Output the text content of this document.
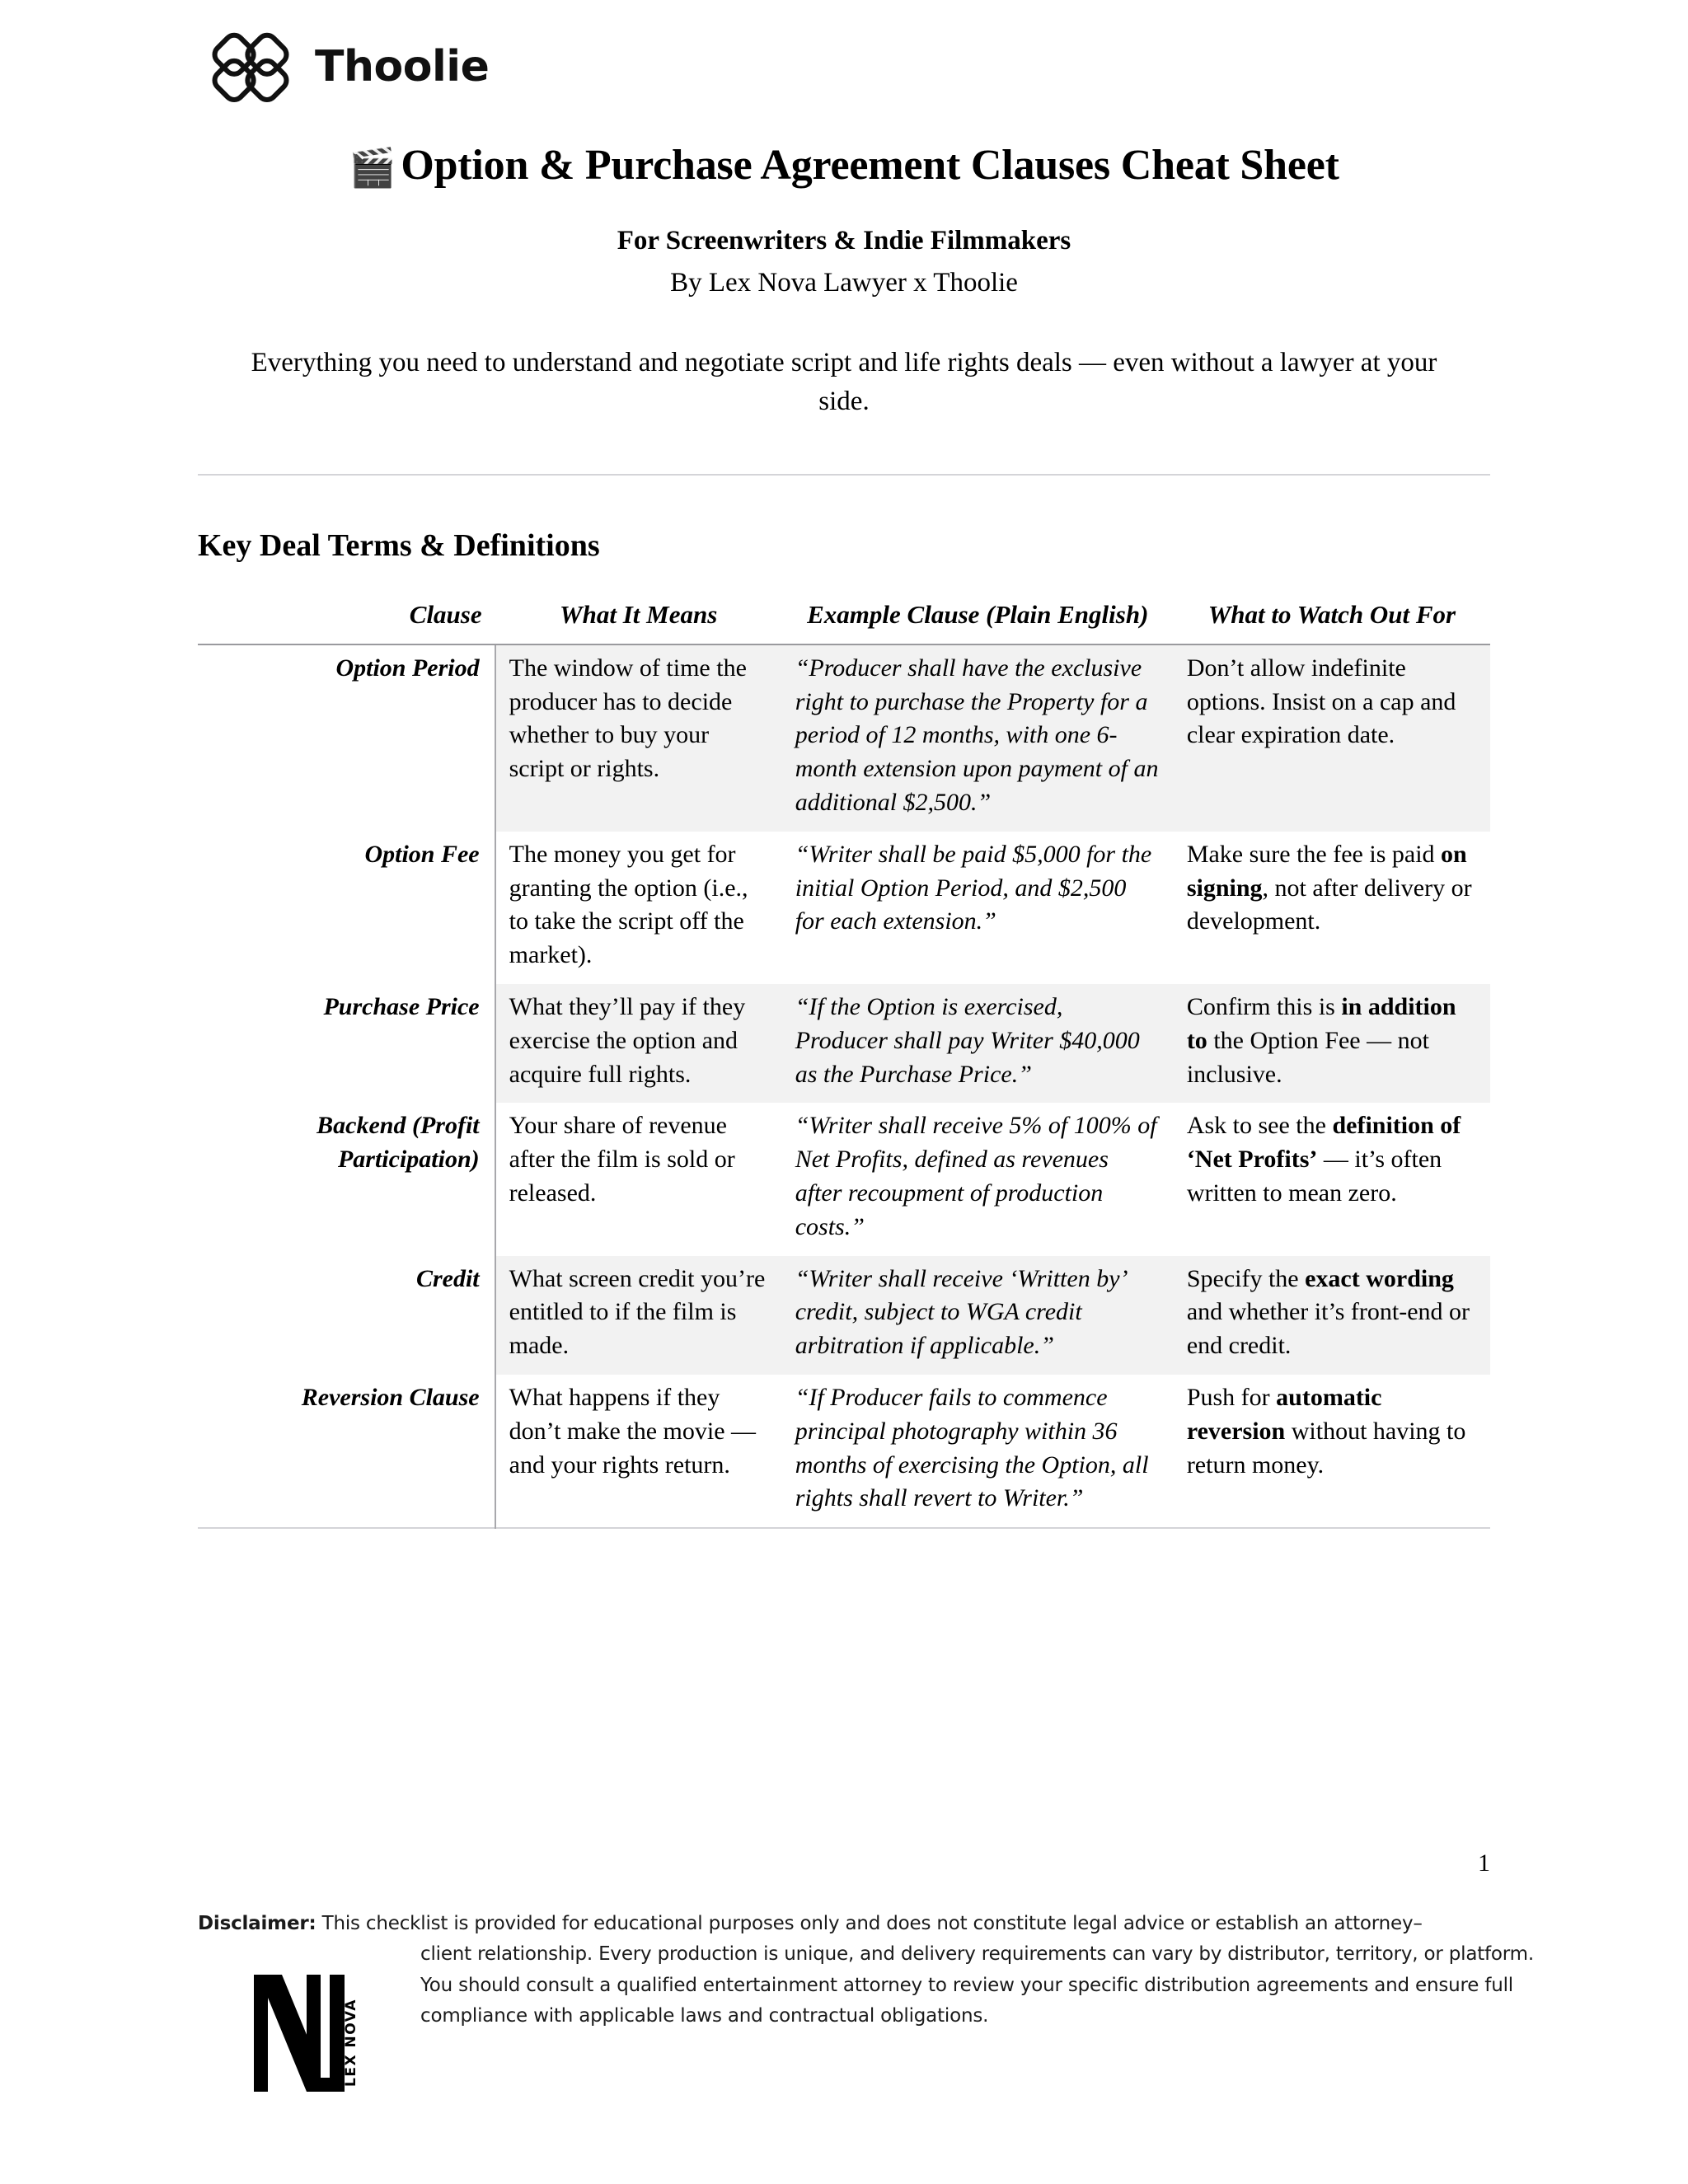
Thoolie
🎬 Option & Purchase Agreement Clauses Cheat Sheet
For Screenwriters & Indie Filmmakers
By Lex Nova Lawyer x Thoolie
Everything you need to understand and negotiate script and life rights deals — even without a lawyer at your side.
Key Deal Terms & Definitions
Clause	What It Means	Example Clause (Plain English)	What to Watch Out For
Option Period	The window of time the producer has to decide whether to buy your script or rights.	“Producer shall have the exclusive right to purchase the Property for a period of 12 months, with one 6-month extension upon payment of an additional $2,500.”	Don’t allow indefinite options. Insist on a cap and clear expiration date.
Option Fee	The money you get for granting the option (i.e., to take the script off the market).	“Writer shall be paid $5,000 for the initial Option Period, and $2,500 for each extension.”	Make sure the fee is paid on signing, not after delivery or development.
Purchase Price	What they’ll pay if they exercise the option and acquire full rights.	“If the Option is exercised, Producer shall pay Writer $40,000 as the Purchase Price.”	Confirm this is in addition to the Option Fee — not inclusive.
Backend (Profit Participation)	Your share of revenue after the film is sold or released.	“Writer shall receive 5% of 100% of Net Profits, defined as revenues after recoupment of production costs.”	Ask to see the definition of ‘Net Profits’ — it’s often written to mean zero.
Credit	What screen credit you’re entitled to if the film is made.	“Writer shall receive ‘Written by’ credit, subject to WGA credit arbitration if applicable.”	Specify the exact wording and whether it’s front-end or end credit.
Reversion Clause	What happens if they don’t make the movie — and your rights return.	“If Producer fails to commence principal photography within 36 months of exercising the Option, all rights shall revert to Writer.”	Push for automatic reversion without having to return money.

1
Disclaimer: This checklist is provided for educational purposes only and does not constitute legal advice or establish an attorney–
client relationship. Every production is unique, and delivery requirements can vary by distributor, territory, or platform. You should consult a qualified entertainment attorney to review your specific distribution agreements and ensure full compliance with applicable laws and contractual obligations.
LEX NOVA
